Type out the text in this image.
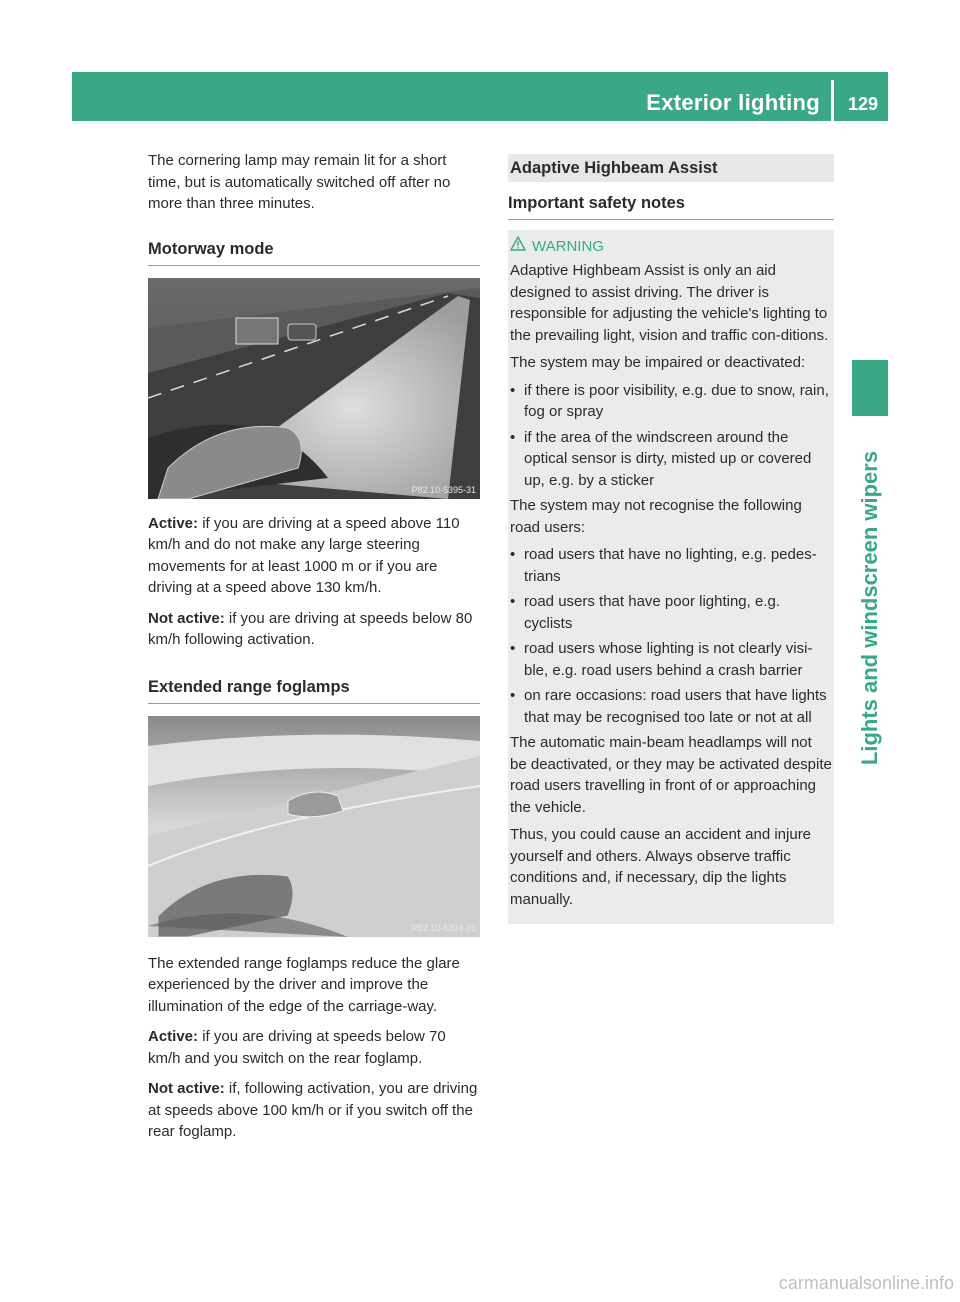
Exterior lighting 129
Lights and windscreen wipers

The cornering lamp may remain lit for a short time, but is automatically switched off after no more than three minutes.

Motorway mode
P82.10-5395-31

Active: if you are driving at a speed above 110 km/h and do not make any large steering movements for at least 1000 m or if you are driving at a speed above 130 km/h.

Not active: if you are driving at speeds below 80 km/h following activation.

Extended range foglamps
P82.10-5394-31

The extended range foglamps reduce the glare experienced by the driver and improve the illumination of the edge of the carriage-way.

Active: if you are driving at speeds below 70 km/h and you switch on the rear foglamp.

Not active: if, following activation, you are driving at speeds above 100 km/h or if you switch off the rear foglamp.

Adaptive Highbeam Assist
Important safety notes
WARNING

Adaptive Highbeam Assist is only an aid designed to assist driving. The driver is responsible for adjusting the vehicle's lighting to the prevailing light, vision and traffic con-ditions.

The system may be impaired or deactivated:

• if there is poor visibility, e.g. due to snow, rain, fog or spray
• if the area of the windscreen around the optical sensor is dirty, misted up or covered up, e.g. by a sticker

The system may not recognise the following road users:

• road users that have no lighting, e.g. pedes-trians
• road users that have poor lighting, e.g. cyclists
• road users whose lighting is not clearly visi-ble, e.g. road users behind a crash barrier
• on rare occasions: road users that have lights that may be recognised too late or not at all

The automatic main-beam headlamps will not be deactivated, or they may be activated despite road users travelling in front of or approaching the vehicle.

Thus, you could cause an accident and injure yourself and others. Always observe traffic conditions and, if necessary, dip the lights manually.

carmanualsonline.info
